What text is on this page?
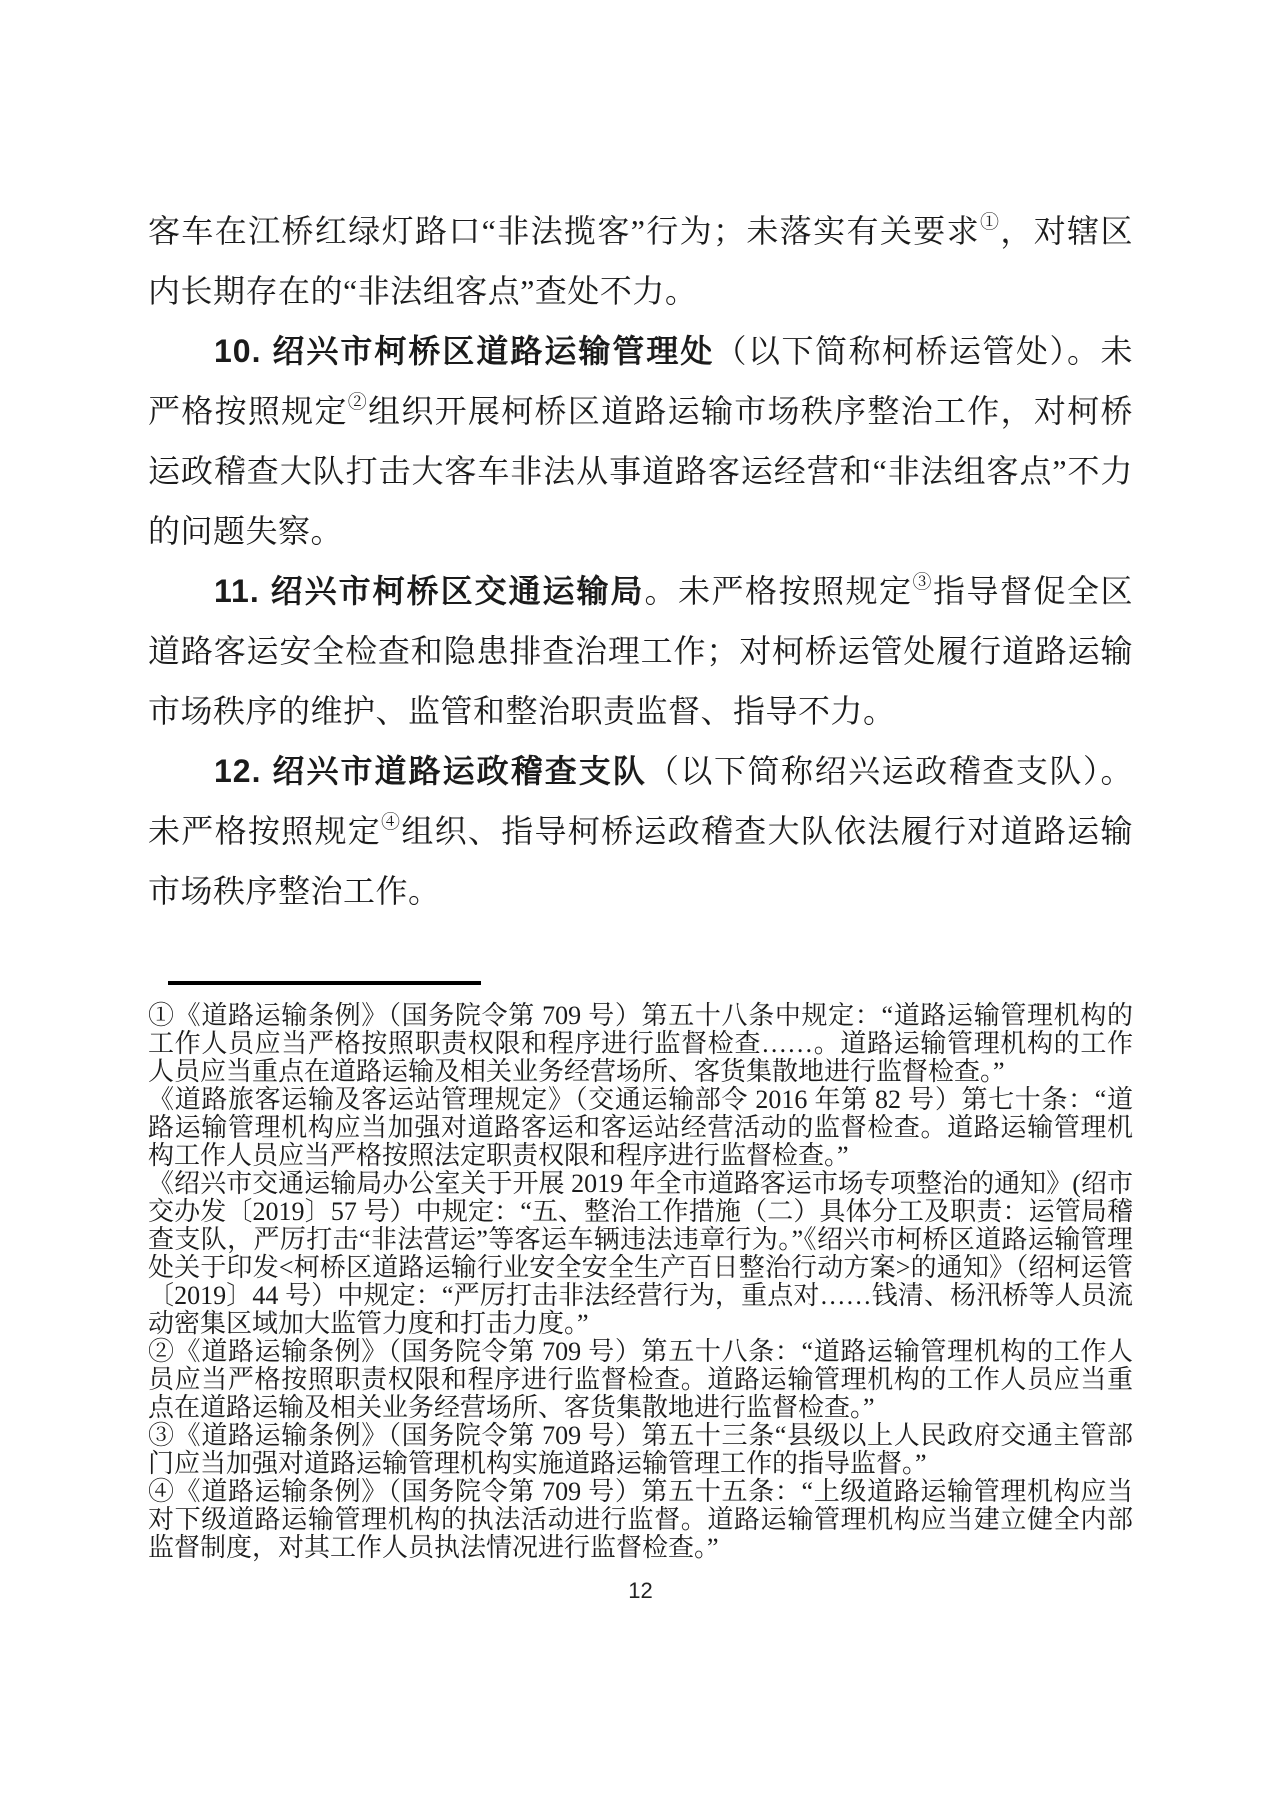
客车在江桥红绿灯路口“非法揽客”行为；未落实有关要求①，对辖区内长期存在的“非法组客点”查处不力。

10. 绍兴市柯桥区道路运输管理处（以下简称柯桥运管处）。未严格按照规定②组织开展柯桥区道路运输市场秩序整治工作，对柯桥运政稽查大队打击大客车非法从事道路客运经营和“非法组客点”不力的问题失察。

11. 绍兴市柯桥区交通运输局。未严格按照规定③指导督促全区道路客运安全检查和隐患排查治理工作；对柯桥运管处履行道路运输市场秩序的维护、监管和整治职责监督、指导不力。

12. 绍兴市道路运政稽查支队（以下简称绍兴运政稽查支队）。未严格按照规定④组织、指导柯桥运政稽查大队依法履行对道路运输市场秩序整治工作。

①《道路运输条例》（国务院令第 709 号）第五十八条中规定：“道路运输管理机构的工作人员应当严格按照职责权限和程序进行监督检查……。道路运输管理机构的工作人员应当重点在道路运输及相关业务经营场所、客货集散地进行监督检查。”

《道路旅客运输及客运站管理规定》（交通运输部令 2016 年第 82 号）第七十条：“道路运输管理机构应当加强对道路客运和客运站经营活动的监督检查。道路运输管理机构工作人员应当严格按照法定职责权限和程序进行监督检查。”

《绍兴市交通运输局办公室关于开展 2019 年全市道路客运市场专项整治的通知》(绍市交办发〔2019〕57 号）中规定：“五、整治工作措施（二）具体分工及职责：运管局稽查支队，严厉打击“非法营运”等客运车辆违法违章行为。”《绍兴市柯桥区道路运输管理处关于印发<柯桥区道路运输行业安全安全生产百日整治行动方案>的通知》（绍柯运管〔2019〕44 号）中规定：“严厉打击非法经营行为，重点对……钱清、杨汛桥等人员流动密集区域加大监管力度和打击力度。”

②《道路运输条例》（国务院令第 709 号）第五十八条：“道路运输管理机构的工作人员应当严格按照职责权限和程序进行监督检查。道路运输管理机构的工作人员应当重点在道路运输及相关业务经营场所、客货集散地进行监督检查。”

③《道路运输条例》（国务院令第 709 号）第五十三条“县级以上人民政府交通主管部门应当加强对道路运输管理机构实施道路运输管理工作的指导监督。”

④《道路运输条例》（国务院令第 709 号）第五十五条：“上级道路运输管理机构应当对下级道路运输管理机构的执法活动进行监督。道路运输管理机构应当建立健全内部监督制度，对其工作人员执法情况进行监督检查。”

12
